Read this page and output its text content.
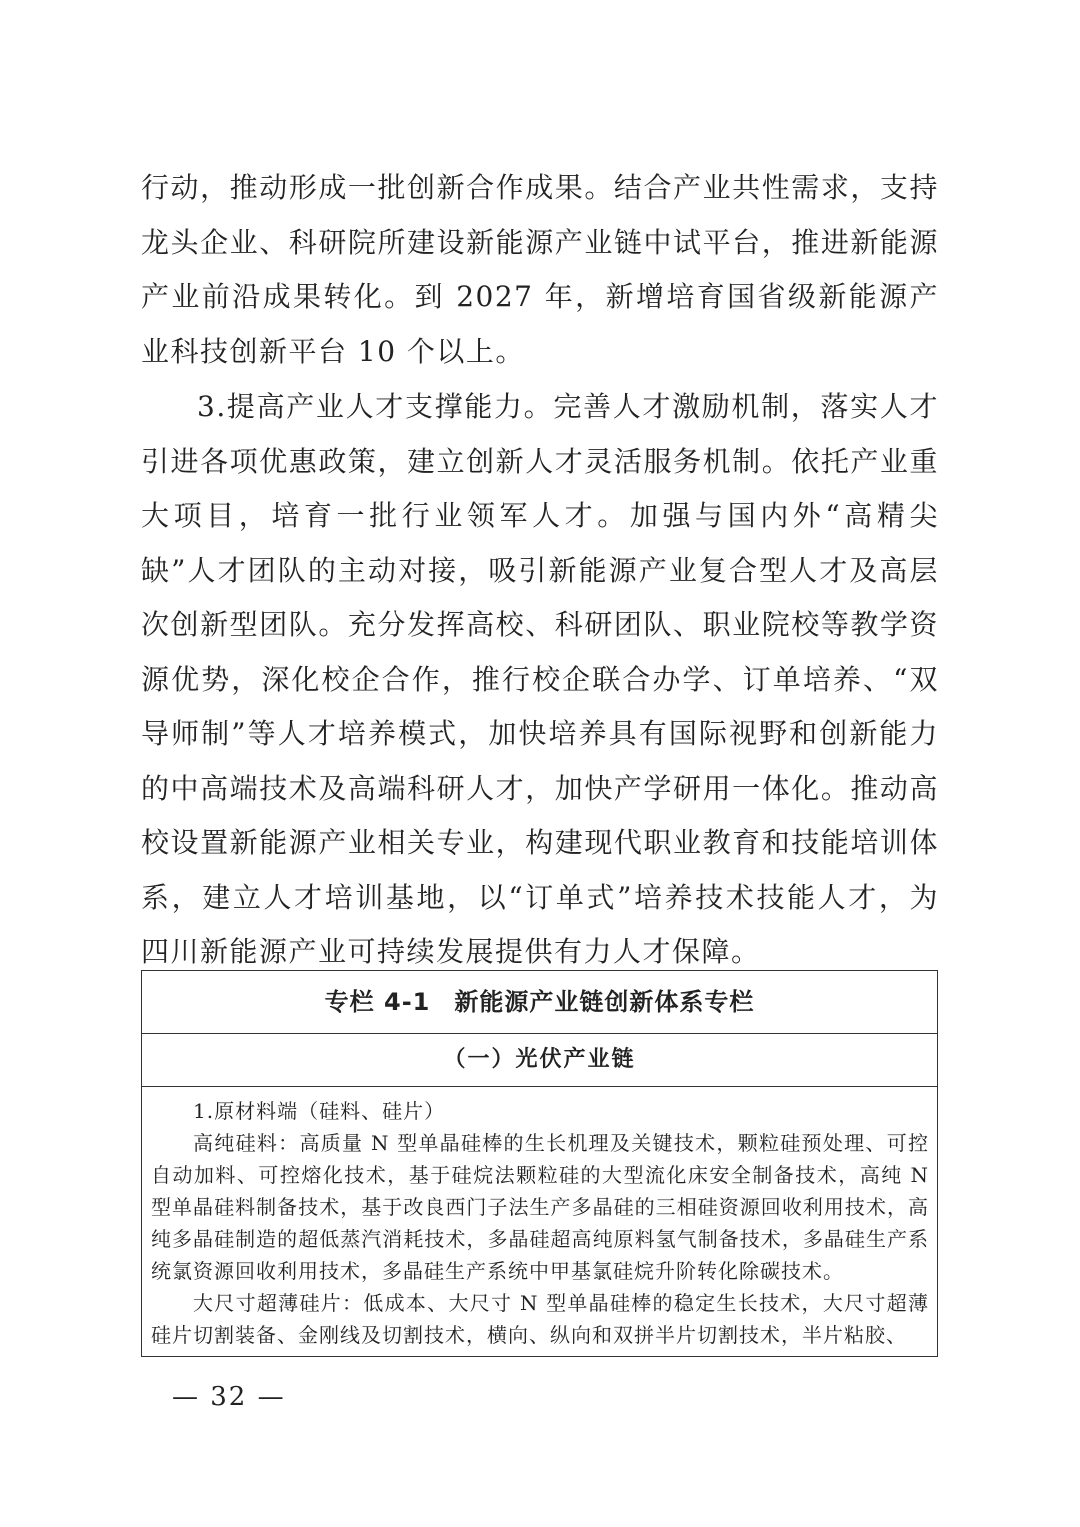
行动，推动形成一批创新合作成果。结合产业共性需求，支持龙头企业、科研院所建设新能源产业链中试平台，推进新能源产业前沿成果转化。到 2027 年，新增培育国省级新能源产业科技创新平台 10 个以上。
3.提高产业人才支撑能力。完善人才激励机制，落实人才引进各项优惠政策，建立创新人才灵活服务机制。依托产业重大项目，培育一批行业领军人才。加强与国内外“高精尖缺”人才团队的主动对接，吸引新能源产业复合型人才及高层次创新型团队。充分发挥高校、科研团队、职业院校等教学资源优势，深化校企合作，推行校企联合办学、订单培养、“双导师制”等人才培养模式，加快培养具有国际视野和创新能力的中高端技术及高端科研人才，加快产学研用一体化。推动高校设置新能源产业相关专业，构建现代职业教育和技能培训体系，建立人才培训基地，以“订单式”培养技术技能人才，为四川新能源产业可持续发展提供有力人才保障。
专栏 4-1 新能源产业链创新体系专栏
（一）光伏产业链

1.原材料端（硅料、硅片）

高纯硅料：高质量 N 型单晶硅棒的生长机理及关键技术，颗粒硅预处理、可控自动加料、可控熔化技术，基于硅烷法颗粒硅的大型流化床安全制备技术，高纯 N 型单晶硅料制备技术，基于改良西门子法生产多晶硅的三相硅资源回收利用技术，高纯多晶硅制造的超低蒸汽消耗技术，多晶硅超高纯原料氢气制备技术，多晶硅生产系统氯资源回收利用技术，多晶硅生产系统中甲基氯硅烷升阶转化除碳技术。

大尺寸超薄硅片：低成本、大尺寸 N 型单晶硅棒的稳定生长技术，大尺寸超薄硅片切割装备、金刚线及切割技术，横向、纵向和双拼半片切割技术，半片粘胶、

— 32 —
